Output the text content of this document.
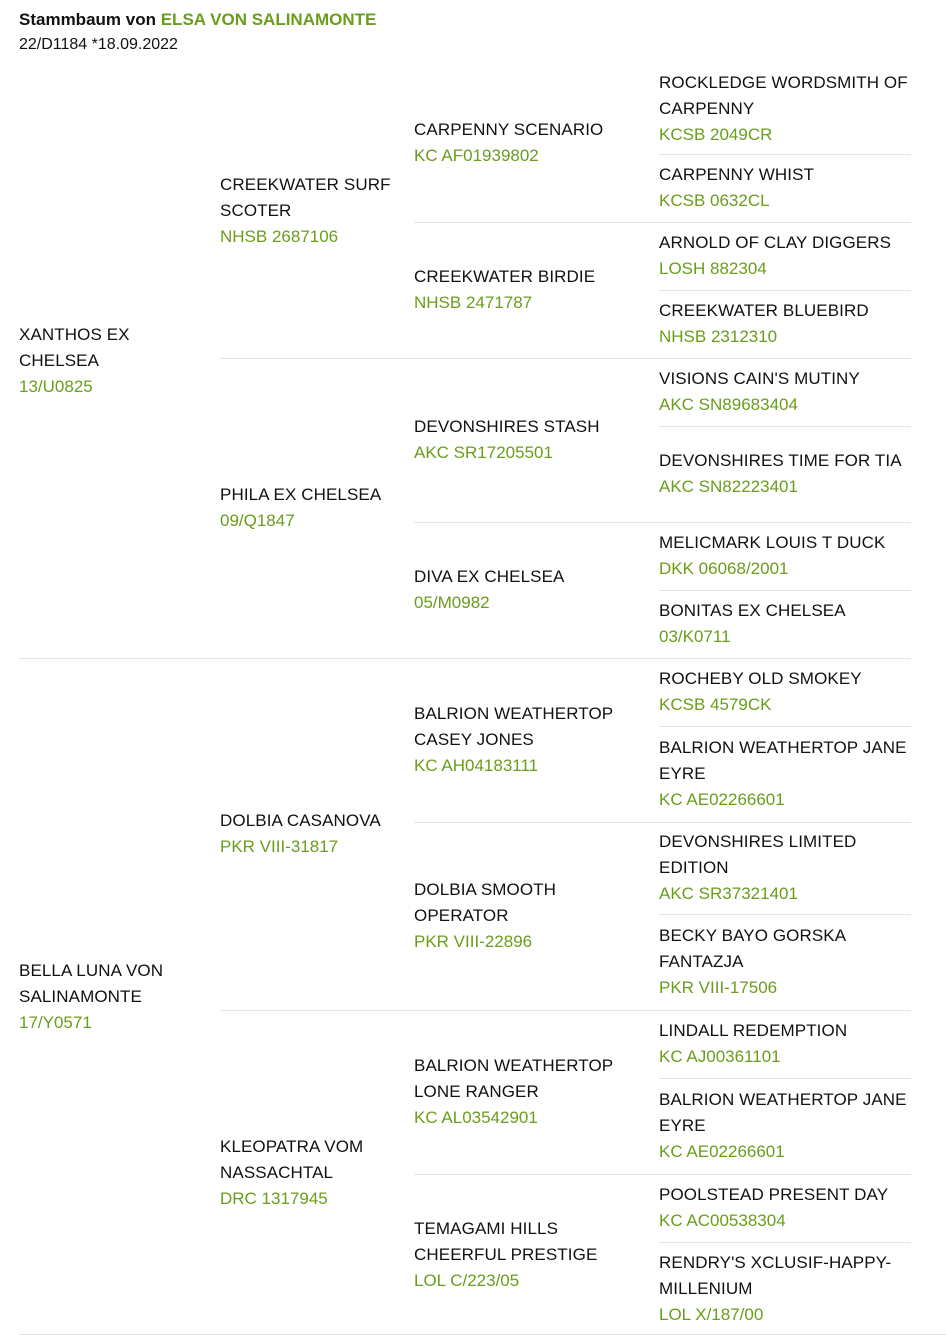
Stammbaum von ELSA VON SALINAMONTE
22/D1184 *18.09.2022
XANTHOS EX CHELSEA
13/U0825
BELLA LUNA VON SALINAMONTE
17/Y0571
CREEKWATER SURF SCOTER
NHSB 2687106
PHILA EX CHELSEA
09/Q1847
DOLBIA CASANOVA
PKR VIII-31817
KLEOPATRA VOM NASSACHTAL
DRC 1317945
CARPENNY SCENARIO
KC AF01939802
CREEKWATER BIRDIE
NHSB 2471787
DEVONSHIRES STASH
AKC SR17205501
DIVA EX CHELSEA
05/M0982
BALRION WEATHERTOP CASEY JONES
KC AH04183111
DOLBIA SMOOTH OPERATOR
PKR VIII-22896
BALRION WEATHERTOP LONE RANGER
KC AL03542901
TEMAGAMI HILLS CHEERFUL PRESTIGE
LOL C/223/05
ROCKLEDGE WORDSMITH OF CARPENNY
KCSB 2049CR
CARPENNY WHIST
KCSB 0632CL
ARNOLD OF CLAY DIGGERS
LOSH 882304
CREEKWATER BLUEBIRD
NHSB 2312310
VISIONS CAIN'S MUTINY
AKC SN89683404
DEVONSHIRES TIME FOR TIA
AKC SN82223401
MELICMARK LOUIS T DUCK
DKK 06068/2001
BONITAS EX CHELSEA
03/K0711
ROCHEBY OLD SMOKEY
KCSB 4579CK
BALRION WEATHERTOP JANE EYRE
KC AE02266601
DEVONSHIRES LIMITED EDITION
AKC SR37321401
BECKY BAYO GORSKA FANTAZJA
PKR VIII-17506
LINDALL REDEMPTION
KC AJ00361101
BALRION WEATHERTOP JANE EYRE
KC AE02266601
POOLSTEAD PRESENT DAY
KC AC00538304
RENDRY'S XCLUSIF-HAPPY-MILLENIUM
LOL X/187/00
